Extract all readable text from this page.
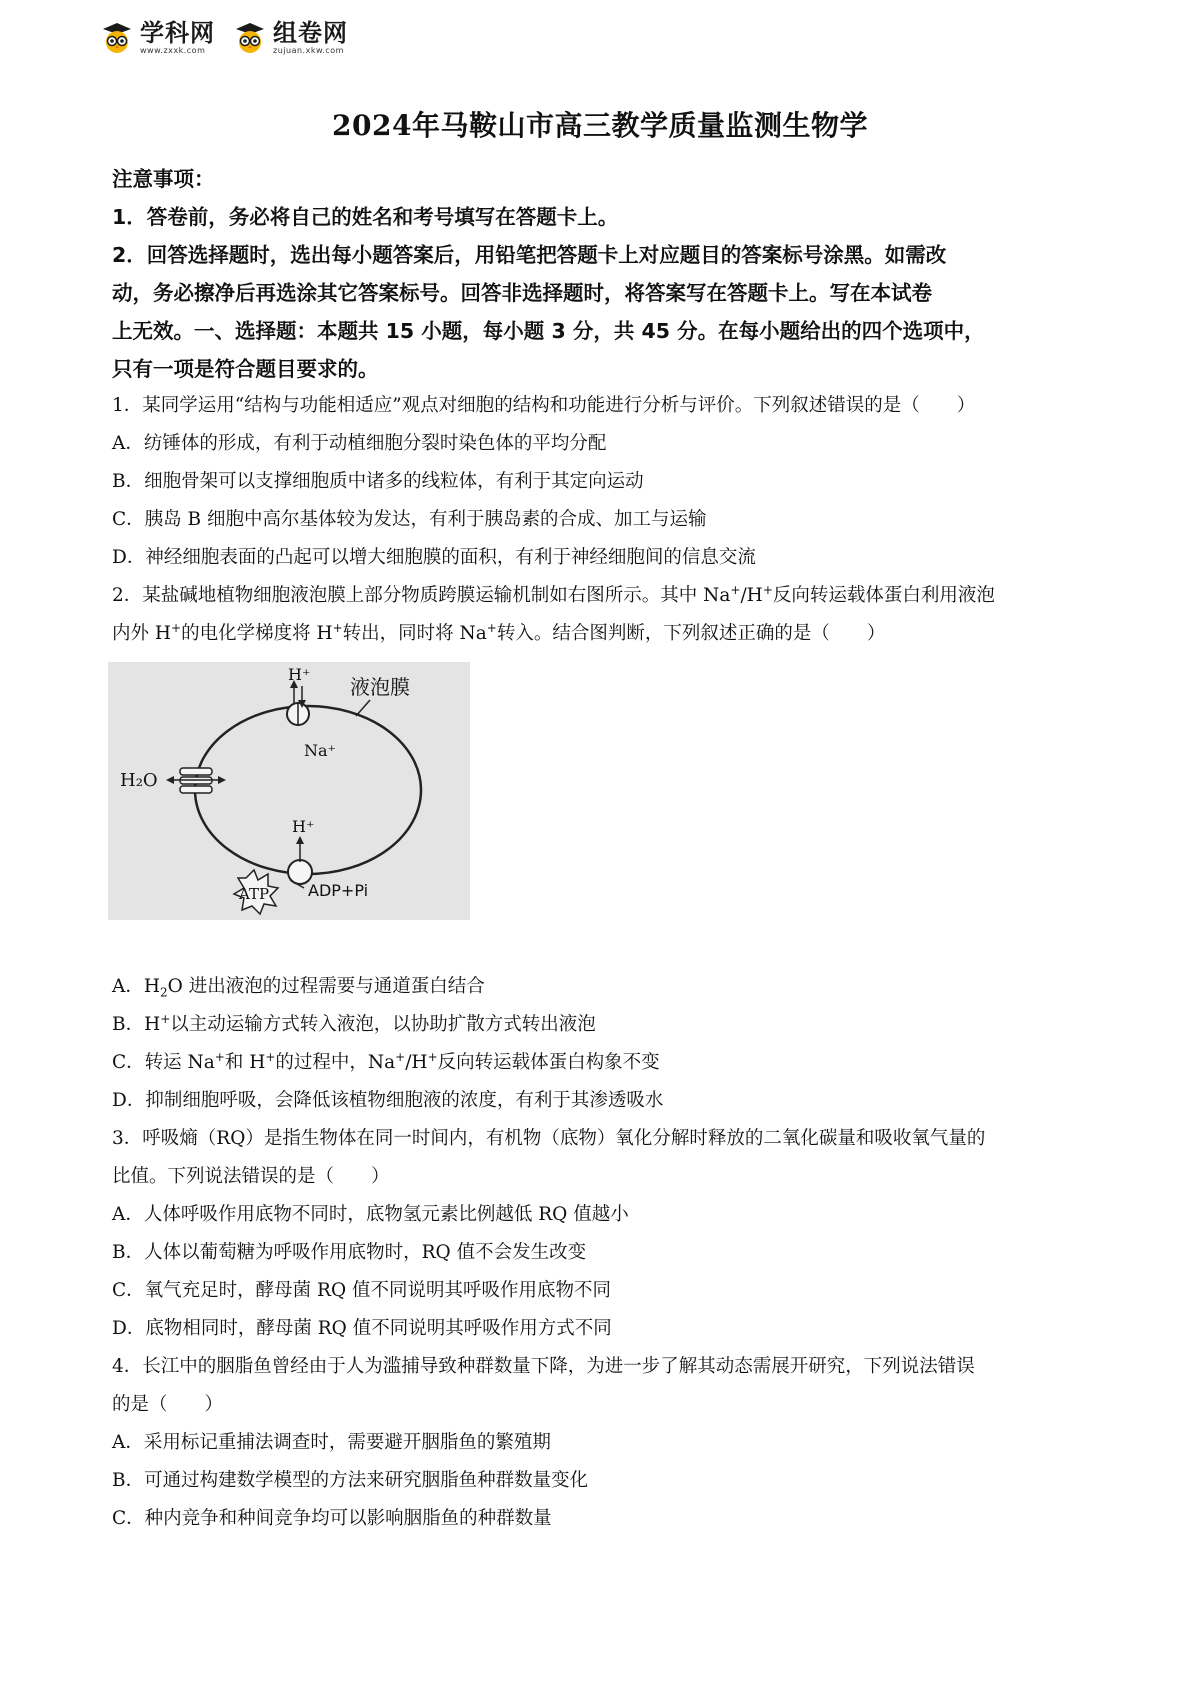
学科网
www.zxxk.com
组卷网
zujuan.xkw.com
2024年马鞍山市高三教学质量监测生物学
注意事项：
1．答卷前，务必将自己的姓名和考号填写在答题卡上。
2．回答选择题时，选出每小题答案后，用铅笔把答题卡上对应题目的答案标号涂黑。如需改
动，务必擦净后再选涂其它答案标号。回答非选择题时，将答案写在答题卡上。写在本试卷
上无效。一、选择题：本题共 15 小题，每小题 3 分，共 45 分。在每小题给出的四个选项中，
只有一项是符合题目要求的。
1．某同学运用“结构与功能相适应”观点对细胞的结构和功能进行分析与评价。下列叙述错误的是（　　）
A．纺锤体的形成，有利于动植细胞分裂时染色体的平均分配
B．细胞骨架可以支撑细胞质中诸多的线粒体，有利于其定向运动
C．胰岛 B 细胞中高尔基体较为发达，有利于胰岛素的合成、加工与运输
D．神经细胞表面的凸起可以增大细胞膜的面积，有利于神经细胞间的信息交流
2．某盐碱地植物细胞液泡膜上部分物质跨膜运输机制如右图所示。其中 Na+/H+反向转运载体蛋白利用液泡
内外 H+的电化学梯度将 H+转出，同时将 Na+转入。结合图判断，下列叙述正确的是（　　）
液泡膜
H⁺
Na⁺
H₂O
H⁺
ATP ADP+Pi
A．$H_2O$ 进出液泡的过程需要与通道蛋白结合
B．H+以主动运输方式转入液泡，以协助扩散方式转出液泡
C．转运 Na+和 H+的过程中，Na+/H+反向转运载体蛋白构象不变
D．抑制细胞呼吸，会降低该植物细胞液的浓度，有利于其渗透吸水
3．呼吸熵（RQ）是指生物体在同一时间内，有机物（底物）氧化分解时释放的二氧化碳量和吸收氧气量的
比值。下列说法错误的是（　　）
A．人体呼吸作用底物不同时，底物氢元素比例越低 RQ 值越小
B．人体以葡萄糖为呼吸作用底物时，RQ 值不会发生改变
C．氧气充足时，酵母菌 RQ 值不同说明其呼吸作用底物不同
D．底物相同时，酵母菌 RQ 值不同说明其呼吸作用方式不同
4．长江中的胭脂鱼曾经由于人为滥捕导致种群数量下降，为进一步了解其动态需展开研究，下列说法错误
的是（　　）
A．采用标记重捕法调查时，需要避开胭脂鱼的繁殖期
B．可通过构建数学模型的方法来研究胭脂鱼种群数量变化
C．种内竞争和种间竞争均可以影响胭脂鱼的种群数量
